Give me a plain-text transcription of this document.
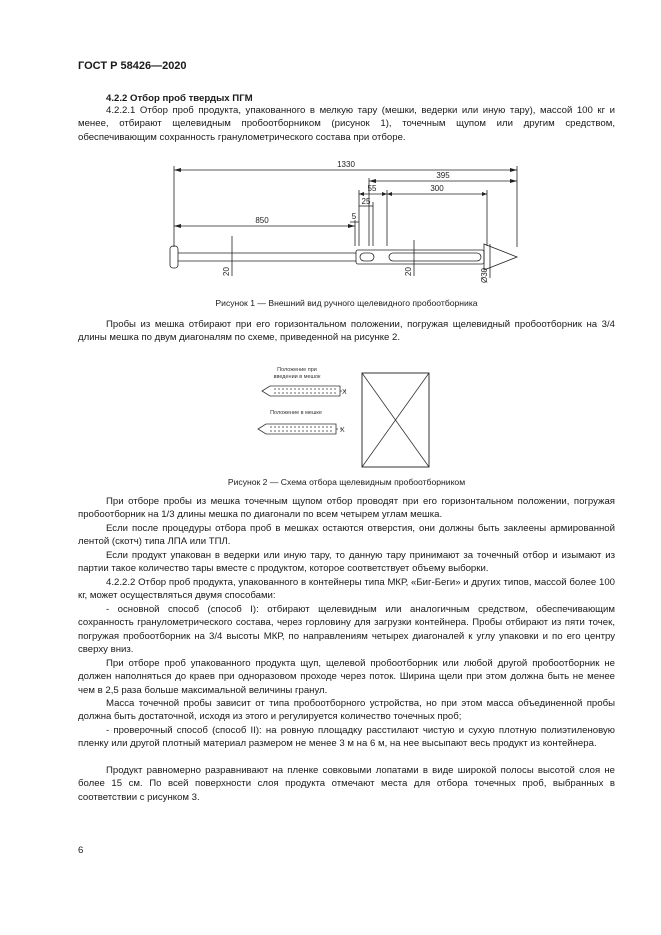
ГОСТ Р 58426—2020

4.2.2 Отбор проб твердых ПГМ

4.2.2.1 Отбор проб продукта, упакованного в мелкую тару (мешки, ведерки или иную тару), массой 100 кг и менее, отбирают щелевидным пробоотборником (рисунок 1), точечным щупом или другим средством, обеспечивающим сохранность гранулометрического состава при отборе.

1330
395
55	300
25
5
850
20	20	Ø30
Рисунок 1 — Внешний вид ручного щелевидного пробоотборника

Пробы из мешка отбирают при его горизонтальном положении, погружая щелевидный пробоотборник на 3/4 длины мешка по двум диагоналям по схеме, приведенной на рисунке 2.

Положение при
введении в мешок
Положение в мешке
X
X
Рисунок 2 — Схема отбора щелевидным пробоотборником

При отборе пробы из мешка точечным щупом отбор проводят при его горизонтальном положении, погружая пробоотборник на 1/3 длины мешка по диагонали по всем четырем углам мешка.

Если после процедуры отбора проб в мешках остаются отверстия, они должны быть заклеены армированной лентой (скотч) типа ЛПА или ТПЛ.

Если продукт упакован в ведерки или иную тару, то данную тару принимают за точечный отбор и изымают из партии такое количество тары вместе с продуктом, которое соответствует объему выборки.

4.2.2.2 Отбор проб продукта, упакованного в контейнеры типа МКР, «Биг-Беги» и других типов, массой более 100 кг, может осуществляться двумя способами:

- основной способ (способ I): отбирают щелевидным или аналогичным средством, обеспечивающим сохранность гранулометрического состава, через горловину для загрузки контейнера. Пробы отбирают из пяти точек, погружая пробоотборник на 3/4 высоты МКР, по направлениям четырех диагоналей к углу упаковки и по его центру сверху вниз.

При отборе проб упакованного продукта щуп, щелевой пробоотборник или любой другой пробоотборник не должен наполняться до краев при одноразовом проходе через поток. Ширина щели при этом должна быть не менее чем в 2,5 раза больше максимальной величины гранул.

Масса точечной пробы зависит от типа пробоотборного устройства, но при этом масса объединенной пробы должна быть достаточной, исходя из этого и регулируется количество точечных проб;

- проверочный способ (способ II): на ровную площадку расстилают чистую и сухую плотную полиэтиленовую пленку или другой плотный материал размером не менее 3 м на 6 м, на нее высыпают весь продукт из контейнера.

Продукт равномерно разравнивают на пленке совковыми лопатами в виде широкой полосы высотой слоя не более 15 см. По всей поверхности слоя продукта отмечают места для отбора точечных проб, выбранных в соответствии с рисунком 3.

6
